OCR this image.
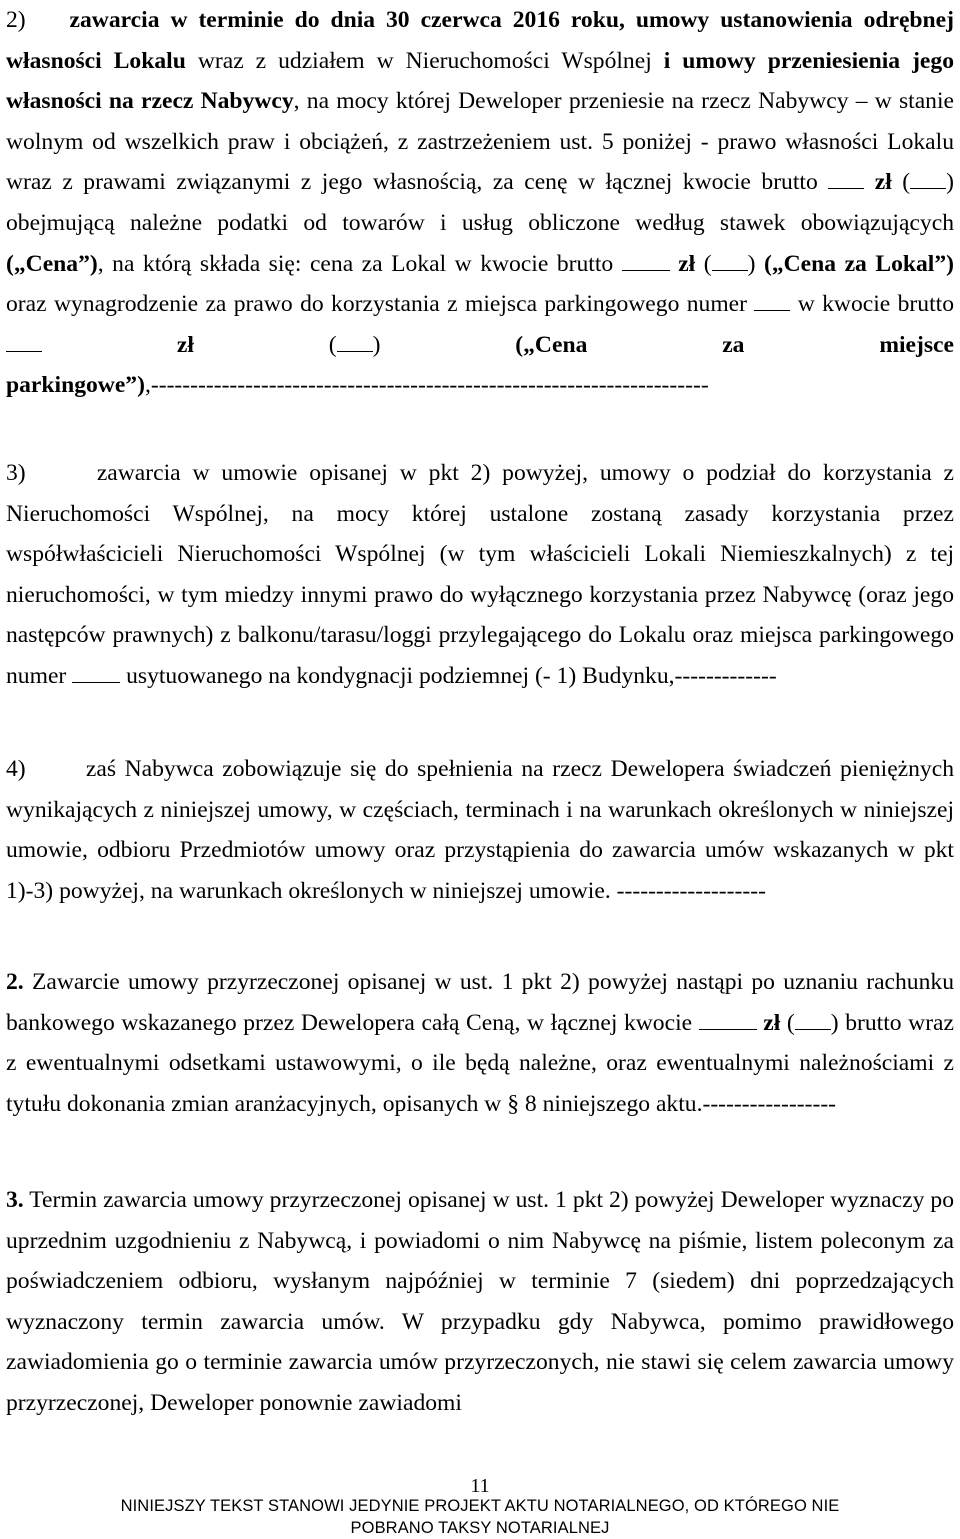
2) zawarcia w terminie do dnia 30 czerwca 2016 roku, umowy ustanowienia odrębnej własności Lokalu wraz z udziałem w Nieruchomości Wspólnej i umowy przeniesienia jego własności na rzecz Nabywcy, na mocy której Deweloper przeniesie na rzecz Nabywcy – w stanie wolnym od wszelkich praw i obciążeń, z zastrzeżeniem ust. 5 poniżej - prawo własności Lokalu wraz z prawami związanymi z jego własnością, za cenę w łącznej kwocie brutto  zł ( ) obejmującą należne podatki od towarów i usług obliczone według stawek obowiązujących („Cena”), na którą składa się: cena za Lokal w kwocie brutto  zł ( ) („Cena za Lokal”) oraz wynagrodzenie za prawo do korzystania z miejsca parkingowego numer  w kwocie brutto  zł ( ) („Cena za miejsce parkingowe”),-----------------------------------------------------------------------

3)	zawarcia w umowie opisanej w pkt 2) powyżej, umowy o podział do korzystania z Nieruchomości Wspólnej, na mocy której ustalone zostaną zasady korzystania przez współwłaścicieli Nieruchomości Wspólnej (w tym właścicieli Lokali Niemieszkalnych) z tej nieruchomości, w tym miedzy innymi prawo do wyłącznego korzystania przez Nabywcę (oraz jego następców prawnych) z balkonu/tarasu/loggi przylegającego do Lokalu oraz miejsca parkingowego numer  usytuowanego na kondygnacji podziemnej (- 1) Budynku,-------------

4)	zaś Nabywca zobowiązuje się do spełnienia na rzecz Dewelopera świadczeń pieniężnych wynikających z niniejszej umowy, w częściach, terminach i na warunkach określonych w niniejszej umowie, odbioru Przedmiotów umowy oraz przystąpienia do zawarcia umów wskazanych w pkt 1)-3) powyżej, na warunkach określonych w niniejszej umowie. -------------------

2. Zawarcie umowy przyrzeczonej opisanej w ust. 1 pkt 2) powyżej nastąpi po uznaniu rachunku bankowego wskazanego przez Dewelopera całą Ceną, w łącznej kwocie	zł ( ) brutto wraz z ewentualnymi odsetkami ustawowymi, o ile będą należne, oraz ewentualnymi należnościami z tytułu dokonania zmian aranżacyjnych, opisanych w § 8 niniejszego aktu.-----------------

3. Termin zawarcia umowy przyrzeczonej opisanej w ust. 1 pkt 2) powyżej Deweloper wyznaczy po uprzednim uzgodnieniu z Nabywcą, i powiadomi o nim Nabywcę na piśmie, listem poleconym za poświadczeniem odbioru, wysłanym najpóźniej w terminie 7 (siedem) dni poprzedzających wyznaczony termin zawarcia umów. W przypadku gdy Nabywca, pomimo prawidłowego zawiadomienia go o terminie zawarcia umów przyrzeczonych, nie stawi się celem zawarcia umowy przyrzeczonej, Deweloper ponownie zawiadomi

11
NINIEJSZY TEKST STANOWI JEDYNIE PROJEKT AKTU NOTARIALNEGO, OD KTÓREGO NIE
POBRANO TAKSY NOTARIALNEJ
